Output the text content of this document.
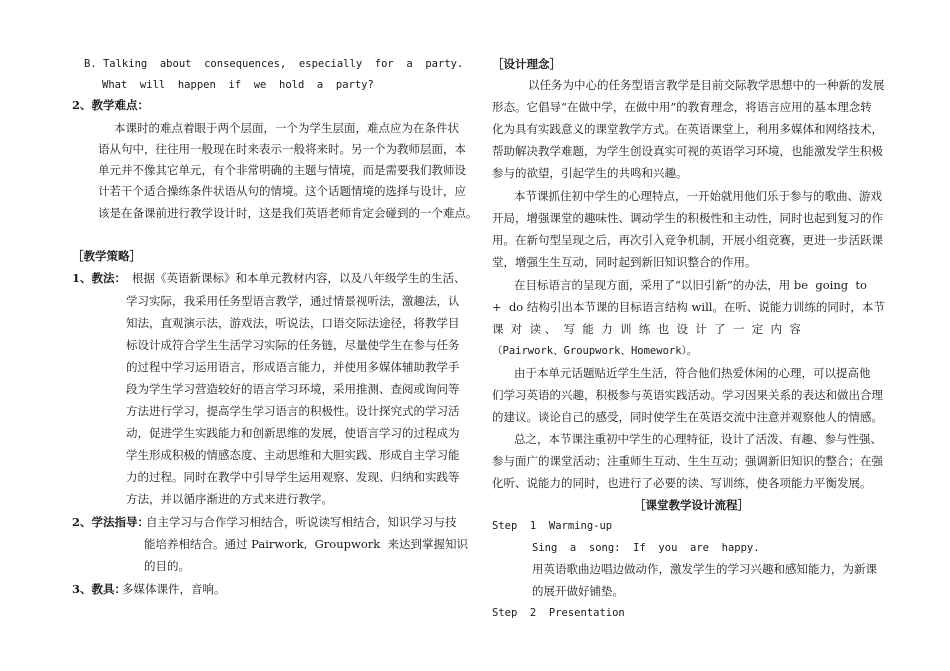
B. Talking  about  consequences,  especially  for  a  party.
What  will  happen  if  we  hold  a  party?
2、教学难点：
本课时的难点着眼于两个层面，一个为学生层面，难点应为在条件状
语从句中，往往用一般现在时来表示一般将来时。另一个为教师层面，本
单元并不像其它单元，有个非常明确的主题与情境，而是需要我们教师设
计若干个适合操练条件状语从句的情境。这个话题情境的选择与设计，应
该是在备课前进行教学设计时，这是我们英语老师肯定会碰到的一个难点。
［教学策略］
1、教法： 根据《英语新课标》和本单元教材内容，以及八年级学生的生活、
学习实际，我采用任务型语言教学，通过情景视听法，激趣法，认
知法，直观演示法，游戏法，听说法，口语交际法途径，将教学目
标设计成符合学生生活学习实际的任务链，尽量使学生在参与任务
的过程中学习运用语言，形成语言能力，并使用多媒体辅助教学手
段为学生学习营造较好的语言学习环境，采用推测、查阅或询问等
方法进行学习，提高学生学习语言的积极性。设计探究式的学习活
动，促进学生实践能力和创新思维的发展，使语言学习的过程成为
学生形成积极的情感态度、主动思维和大胆实践、形成自主学习能
力的过程。同时在教学中引导学生运用观察、发现、归纳和实践等
方法，并以循序渐进的方式来进行教学。
2、学法指导：
自主学习与合作学习相结合，听说读写相结合，知识学习与技
能培养相结合。通过 Pairwork,  Groupwork  来达到掌握知识
的目的。
3、教具：
多媒体课件，音响。
［设计理念］
以任务为中心的任务型语言教学是目前交际教学思想中的一种新的发展
形态。它倡导“在做中学，在做中用”的教育理念，将语言应用的基本理念转
化为具有实践意义的课堂教学方式。在英语课堂上，利用多媒体和网络技术，
帮助解决教学难题，为学生创设真实可视的英语学习环境，也能激发学生积极
参与的欲望，引起学生的共鸣和兴趣。
本节课抓住初中学生的心理特点，一开始就用他们乐于参与的歌曲、游戏
开局，增强课堂的趣味性、调动学生的积极性和主动性，同时也起到复习的作
用。在新句型呈现之后，再次引入竞争机制，开展小组竞赛，更进一步活跃课
堂，增强生生互动，同时起到新旧知识整合的作用。
在目标语言的呈现方面，采用了“以旧引新”的办法，用 be  going  to
+  do 结构引出本节课的目标语言结构 will。在听、说能力训练的同时，本节
课  对  读 、  写  能  力  训  练  也  设  计  了  一  定  内  容
（Pairwork、Groupwork、Homework）。
由于本单元话题贴近学生生活，符合他们热爱休闲的心理，可以提高他
们学习英语的兴趣，积极参与英语实践活动。学习因果关系的表达和做出合理
的建议。谈论自己的感受，同时使学生在英语交流中注意并观察他人的情感。
总之，本节课注重初中学生的心理特征，设计了活泼、有趣、参与性强、
参与面广的课堂活动；注重师生互动、生生互动；强调新旧知识的整合；在强
化听、说能力的同时，也进行了必要的读、写训练，使各项能力平衡发展。
［课堂教学设计流程］
Step  1  Warming-up
Sing  a  song:  If  you  are  happy.
用英语歌曲边唱边做动作，激发学生的学习兴趣和感知能力，为新课
的展开做好铺垫。
Step  2  Presentation
